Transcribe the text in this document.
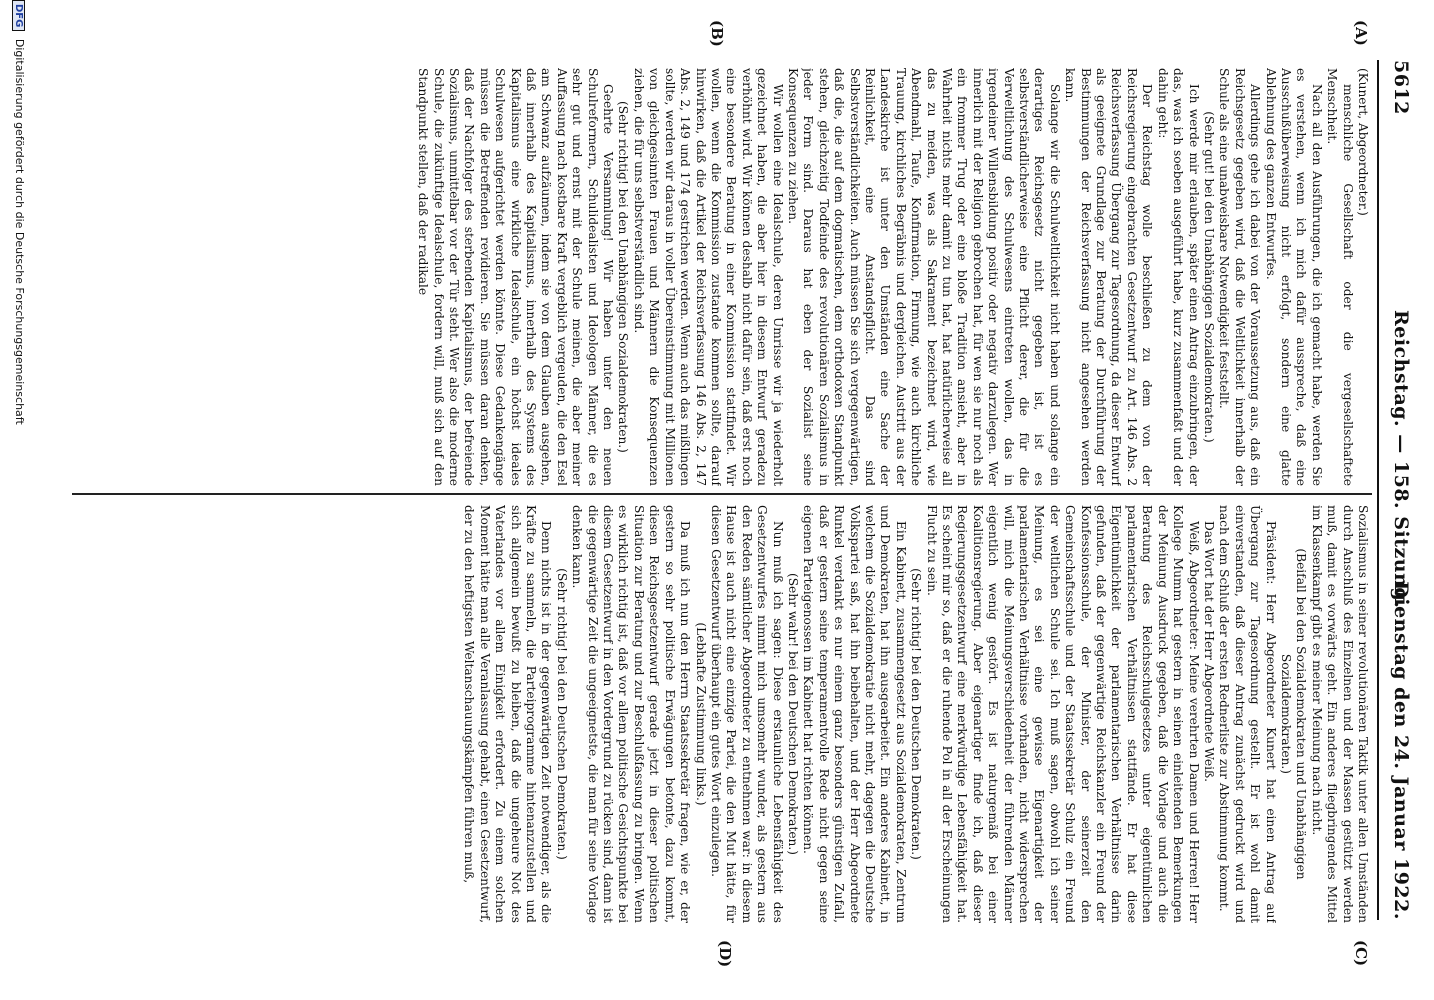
5612
Reichstag. — 158. Sitzung.
Dienstag den 24. Januar 1922.
(A)
(B)
(C)
(D)

(Kunert, Abgeordneter.)

menschliche Gesellschaft oder die vergesellschaftete Menschheit.

Nach all den Ausführungen, die ich gemacht habe, werden Sie es verstehen, wenn ich mich dafür ausspreche, daß eine Ausschußüberweisung nicht erfolgt, sondern eine glatte Ablehnung des ganzen Entwurfes.

Allerdings gehe ich dabei von der Voraussetzung aus, daß ein Reichsgesetz gegeben wird, daß die Weltlichkeit innerhalb der Schule als eine unabweisbare Notwendigkeit feststellt.

(Sehr gut! bei den Unabhängigen Sozialdemokraten.)

Ich werde mir erlauben, später einen Antrag einzubringen, der das, was ich soeben ausgeführt habe, kurz zusammenfaßt und der dahin geht:

Der Reichstag wolle beschließen zu dem von der Reichsregierung eingebrachten Gesetzentwurf zu Art. 146 Abs. 2 Reichsverfassung Übergang zur Tagesordnung, da dieser Entwurf als geeignete Grundlage zur Beratung der Durchführung der Bestimmungen der Reichsverfassung nicht angesehen werden kann.

Solange wir die Schulweltlichkeit nicht haben und solange ein derartiges Reichsgesetz nicht gegeben ist, ist es selbstverständlicherweise eine Pflicht derer, die für die Verweltlichung des Schulwesens eintreten wollen, das in irgendeiner Willensbildung positiv oder negativ darzulegen. Wer innerlich mit der Religion gebrochen hat, für wen sie nur noch als ein frommer Trug oder eine bloße Tradition ansieht, aber in Wahrheit nichts mehr damit zu tun hat, hat natürlicherweise all das zu meiden, was als Sakrament bezeichnet wird, wie Abendmahl, Taufe, Konfirmation, Firmung, wie auch kirchliche Trauung, kirchliches Begräbnis und dergleichen. Austritt aus der Landeskirche ist unter den Umständen eine Sache der Reinlichkeit, eine Anstandspflicht. Das sind Selbstverständlichkeiten. Auch müssen Sie sich vergegenwärtigen, daß die, die auf dem dogmatischen, dem orthodoxen Standpunkt stehen, gleichzeitig Todfeinde des revolutionären Sozialismus in jeder Form sind. Daraus hat eben der Sozialist seine Konsequenzen zu ziehen.

Wir wollen eine Idealschule, deren Umrisse wir ja wiederholt gezeichnet haben, die aber hier in diesem Entwurf geradezu verhöhnt wird. Wir können deshalb nicht dafür sein, daß erst noch eine besondere Beratung in einer Kommission stattfindet. Wir wollen, wenn die Kommission zustande kommen sollte, darauf hinwirken, daß die Artikel der Reichsverfassung 146 Abs. 2, 147 Abs. 2, 149 und 174 gestrichen werden. Wenn auch das mißlingen sollte, werden wir daraus in voller Übereinstimmung mit Millionen von gleichgesinnten Frauen und Männern die Konsequenzen ziehen, die für uns selbstverständlich sind.

(Sehr richtig! bei den Unabhängigen Sozialdemokraten.)

Geehrte Versammlung! Wir haben unter den neuen Schulreformern, Schulidealisten und Ideologen Männer, die es sehr gut und ernst mit der Schule meinen, die aber meiner Auffassung nach kostbare Kraft vergeblich vergeuden, die den Esel am Schwanz aufzäumen, indem sie von dem Glauben ausgehen, daß innerhalb des Kapitalismus, innerhalb des Systems des Kapitalismus eine wirkliche Idealschule, ein höchst ideales Schulwesen aufgerichtet werden könnte. Diese Gedankengänge müssen die Betreffenden revidieren. Sie müssen daran denken, daß der Nachfolger des sterbenden Kapitalismus, der befreiende Sozialismus, unmittelbar vor der Tür steht. Wer also die moderne Schule, die zukünftige Idealschule, fordern will, muß sich auf den Standpunkt stellen, daß der radikale

Sozialismus in seiner revolutionären Taktik unter allen Umständen durch Anschluß des Einzelnen und der Massen gestützt werden muß, damit es vorwärts geht. Ein anderes fliegbringendes Mittel im Klassenkampf gibt es meiner Meinung nach nicht.

(Beifall bei den Sozialdemokraten und Unabhängigen Sozialdemokraten.)

Präsident: Herr Abgeordneter Kunert hat einen Antrag auf Übergang zur Tagesordnung gestellt. Er ist wohl damit einverstanden, daß dieser Antrag zunächst gedruckt wird und nach dem Schluß der ersten Rednerliste zur Abstimmung kommt.

Das Wort hat der Herr Abgeordnete Weiß.

Weiß, Abgeordneter: Meine verehrten Damen und Herren! Herr Kollege Mumm hat gestern in seinen einleitenden Bemerkungen der Meinung Ausdruck gegeben, daß die Vorlage und auch die Beratung des Reichsschulgesetzes unter eigentümlichen parlamentarischen Verhältnissen stattfände. Er hat diese Eigentümlichkeit der parlamentarischen Verhältnisse darin gefunden, daß der gegenwärtige Reichskanzler ein Freund der Konfessionsschule, der Minister, der seinerzeit den Gemeinschaftsschule und der Staatssekretär Schulz ein Freund der weltlichen Schule sei. Ich muß sagen, obwohl ich seiner Meinung, es sei eine gewisse Eigenartigkeit der parlamentarischen Verhältnisse vorhanden, nicht widersprechen will, mich die Meinungsverschiedenheit der führenden Männer eigentlich wenig gestört. Es ist naturgemäß bei einer Koalitionsregierung. Aber eigenartiger finde ich, daß dieser Regierungsgesetzentwurf eine merkwürdige Lebensfähigkeit hat. Es scheint mir so, daß er die ruhende Pol in all der Erscheinungen Flucht zu sein.

(Sehr richtig! bei den Deutschen Demokraten.)

Ein Kabinett, zusammengesetzt aus Sozialdemokraten, Zentrum und Demokraten, hat ihn ausgearbeitet. Ein anderes Kabinett, in welchem die Sozialdemokratie nicht mehr, dagegen die Deutsche Volkspartei saß, hat ihn beibehalten, und der Herr Abgeordnete Runkel verdankt es nur einem ganz besonders günstigen Zufall, daß er gestern seine temperamentvolle Rede nicht gegen seine eigenen Parteigenossen im Kabinett hat richten können.

(Sehr wahr! bei den Deutschen Demokraten.)

Nun muß ich sagen: Diese erstaunliche Lebensfähigkeit des Gesetzentwurfes nimmt mich umsomehr wunder, als gestern aus den Reden sämtlicher Abgeordneter zu entnehmen war: in diesem Hause ist auch nicht eine einzige Partei, die den Mut hätte, für diesen Gesetzentwurf überhaupt ein gutes Wort einzulegen.

(Lebhafte Zustimmung links.)

Da muß ich nun den Herrn Staatssekretär fragen, wie er, der gestern so sehr politische Erwägungen betonte, dazu kommt, diesen Reichsgesetzentwurf gerade jetzt in dieser politischen Situation zur Beratung und zur Beschlußfassung zu bringen. Wenn es wirklich richtig ist, daß vor allem politische Gesichtspunkte bei diesem Gesetzentwurf in den Vordergrund zu rücken sind, dann ist die gegenwärtige Zeit die ungeeignetste, die man für seine Vorlage denken kann.

(Sehr richtig! bei den Deutschen Demokraten.)

Denn nichts ist in der gegenwärtigen Zeit notwendiger, als die Kräfte zu sammeln, die Parteiprogramme hintenanzustellen und sich allgemein bewußt zu bleiben, daß die ungeheure Not des Vaterlandes vor allem Einigkeit erfordert. Zu einem solchen Moment hätte man alle Veranlassung gehabt, einen Gesetzentwurf, der zu den heftigsten Weltanschauungskämpfen führen muß,

DFG Digitalisierung gefördert durch die Deutsche Forschungsgemeinschaft
